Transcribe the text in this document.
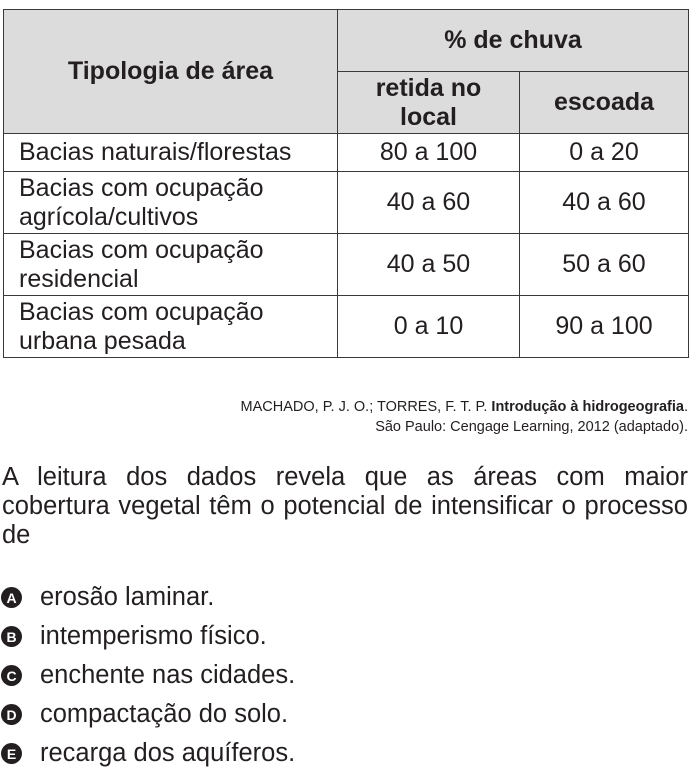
Tipologia de área	% de chuva	
	retida no local	escoada
Bacias naturais/florestas	80 a 100	0 a 20
Bacias com ocupação agrícola/cultivos	40 a 60	40 a 60
Bacias com ocupação residencial	40 a 50	50 a 60
Bacias com ocupação urbana pesada	0 a 10	90 a 100
MACHADO, P. J. O.; TORRES, F. T. P. Introdução à hidrogeografia.
São Paulo: Cengage Learning, 2012 (adaptado).
A leitura dos dados revela que as áreas com maior cobertura vegetal têm o potencial de intensificar o processo de
A erosão laminar.
B intemperismo físico.
C enchente nas cidades.
D compactação do solo.
E recarga dos aquíferos.
